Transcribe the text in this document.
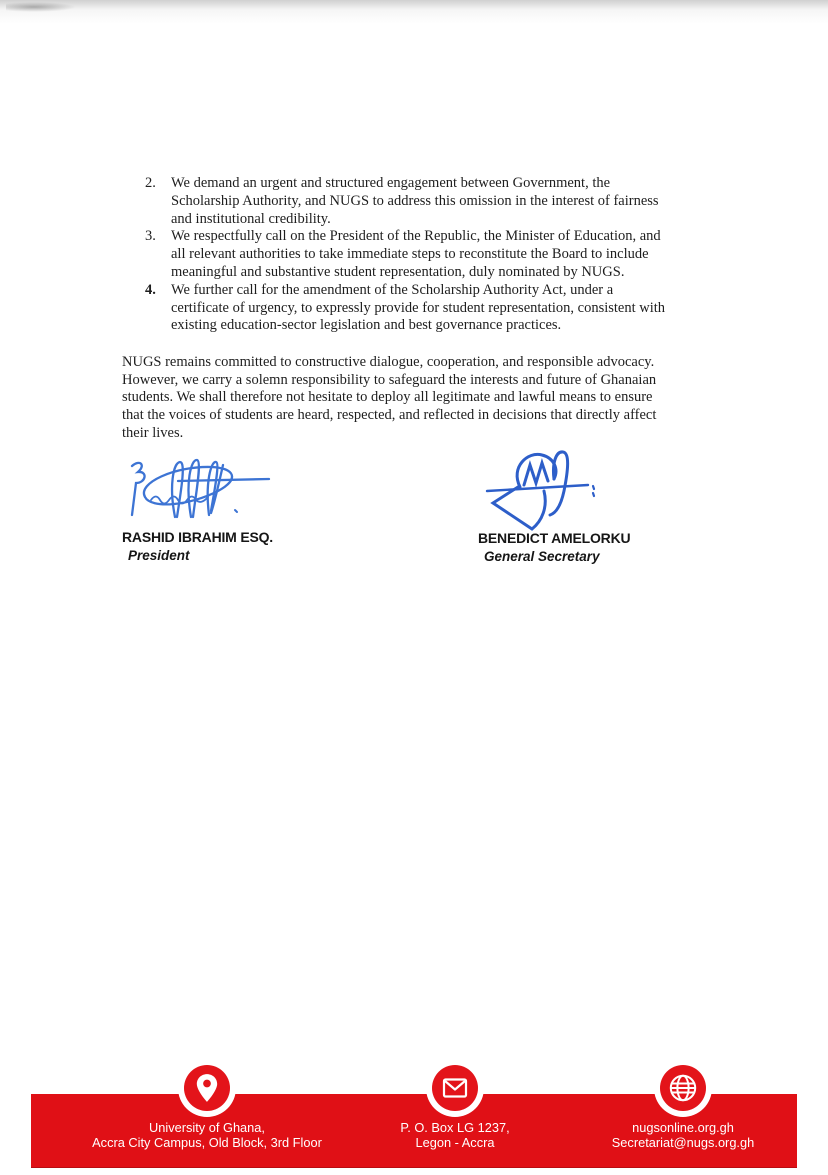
2.	We demand an urgent and structured engagement between Government, the
Scholarship Authority, and NUGS to address this omission in the interest of fairness
and institutional credibility.
3.	We respectfully call on the President of the Republic, the Minister of Education, and
all relevant authorities to take immediate steps to reconstitute the Board to include
meaningful and substantive student representation, duly nominated by NUGS.
4.	We further call for the amendment of the Scholarship Authority Act, under a
certificate of urgency, to expressly provide for student representation, consistent with
existing education-sector legislation and best governance practices.
NUGS remains committed to constructive dialogue, cooperation, and responsible advocacy.
However, we carry a solemn responsibility to safeguard the interests and future of Ghanaian
students. We shall therefore not hesitate to deploy all legitimate and lawful means to ensure
that the voices of students are heard, respected, and reflected in decisions that directly affect
their lives.
RASHID IBRAHIM ESQ.
President
BENEDICT AMELORKU
General Secretary
University of Ghana,
Accra City Campus, Old Block, 3rd Floor
P. O. Box LG 1237,
Legon - Accra
nugsonline.org.gh
Secretariat@nugs.org.gh
